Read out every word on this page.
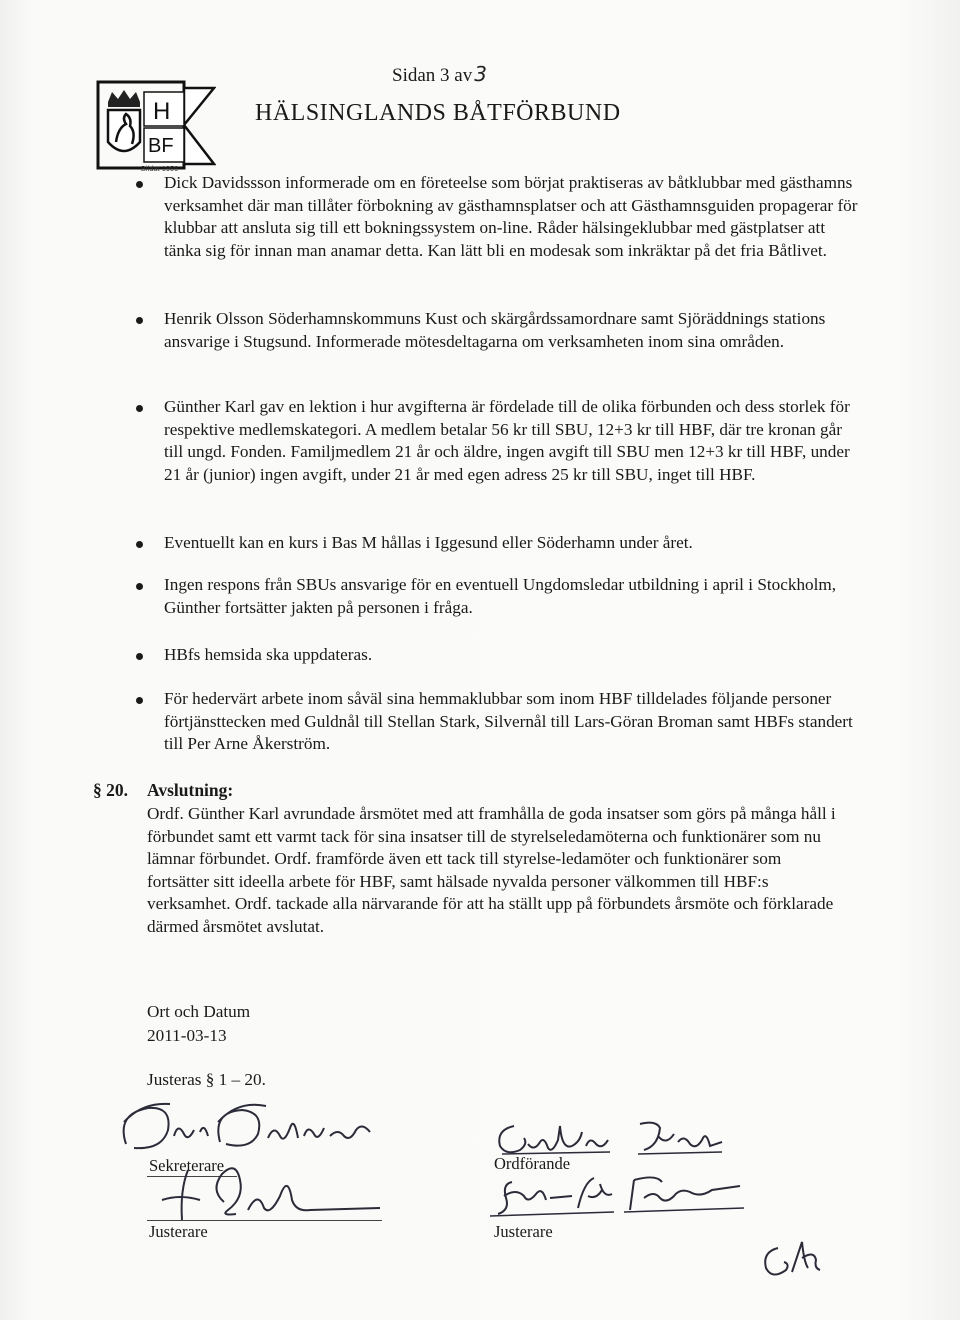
Sidan 3 av 3
H
BF
Bildat 1956
HÄLSINGLANDS BÅTFÖRBUND
Dick Davidssson informerade om en företeelse som börjat praktiseras av båtklubbar med gästhamns verksamhet där man tillåter förbokning av gästhamnsplatser och att Gästhamnsguiden propagerar för klubbar att ansluta sig till ett bokningssystem on-line. Råder hälsingeklubbar med gästplatser att tänka sig för innan man anamar detta. Kan lätt bli en modesak som inkräktar på det fria Båtlivet.
Henrik Olsson Söderhamnskommuns Kust och skärgårdssamordnare samt Sjöräddnings stations ansvarige i Stugsund. Informerade mötesdeltagarna om verksamheten inom sina områden.
Günther Karl gav en lektion i hur avgifterna är fördelade till de olika förbunden och dess storlek för respektive medlemskategori. A medlem betalar 56 kr till SBU, 12+3 kr till HBF, där tre kronan går till ungd. Fonden. Familjmedlem 21 år och äldre, ingen avgift till SBU men 12+3 kr till HBF, under 21 år (junior) ingen avgift, under 21 år med egen adress 25 kr till SBU, inget till HBF.
Eventuellt kan en kurs i Bas M hållas i Iggesund eller Söderhamn under året.
Ingen respons från SBUs ansvarige för en eventuell Ungdomsledar utbildning i april i Stockholm, Günther fortsätter jakten på personen i fråga.
HBfs hemsida ska uppdateras.
För hedervärt arbete inom såväl sina hemmaklubbar som inom HBF tilldelades följande personer förtjänsttecken med Guldnål till Stellan Stark, Silvernål till Lars-Göran Broman samt HBFs standert till Per Arne Åkerström.
§ 20. Avslutning:
Ordf. Günther Karl avrundade årsmötet med att framhålla de goda insatser som görs på många håll i förbundet samt ett varmt tack för sina insatser till de styrelseledamöterna och funktionärer som nu lämnar förbundet. Ordf. framförde även ett tack till styrelse-ledamöter och funktionärer som fortsätter sitt ideella arbete för HBF, samt hälsade nyvalda personer välkommen till HBF:s verksamhet. Ordf. tackade alla närvarande för att ha ställt upp på förbundets årsmöte och förklarade därmed årsmötet avslutat.
Ort och Datum
2011-03-13
Justeras § 1 – 20.
Sekreterare
Justerare
Ordförande
Justerare
